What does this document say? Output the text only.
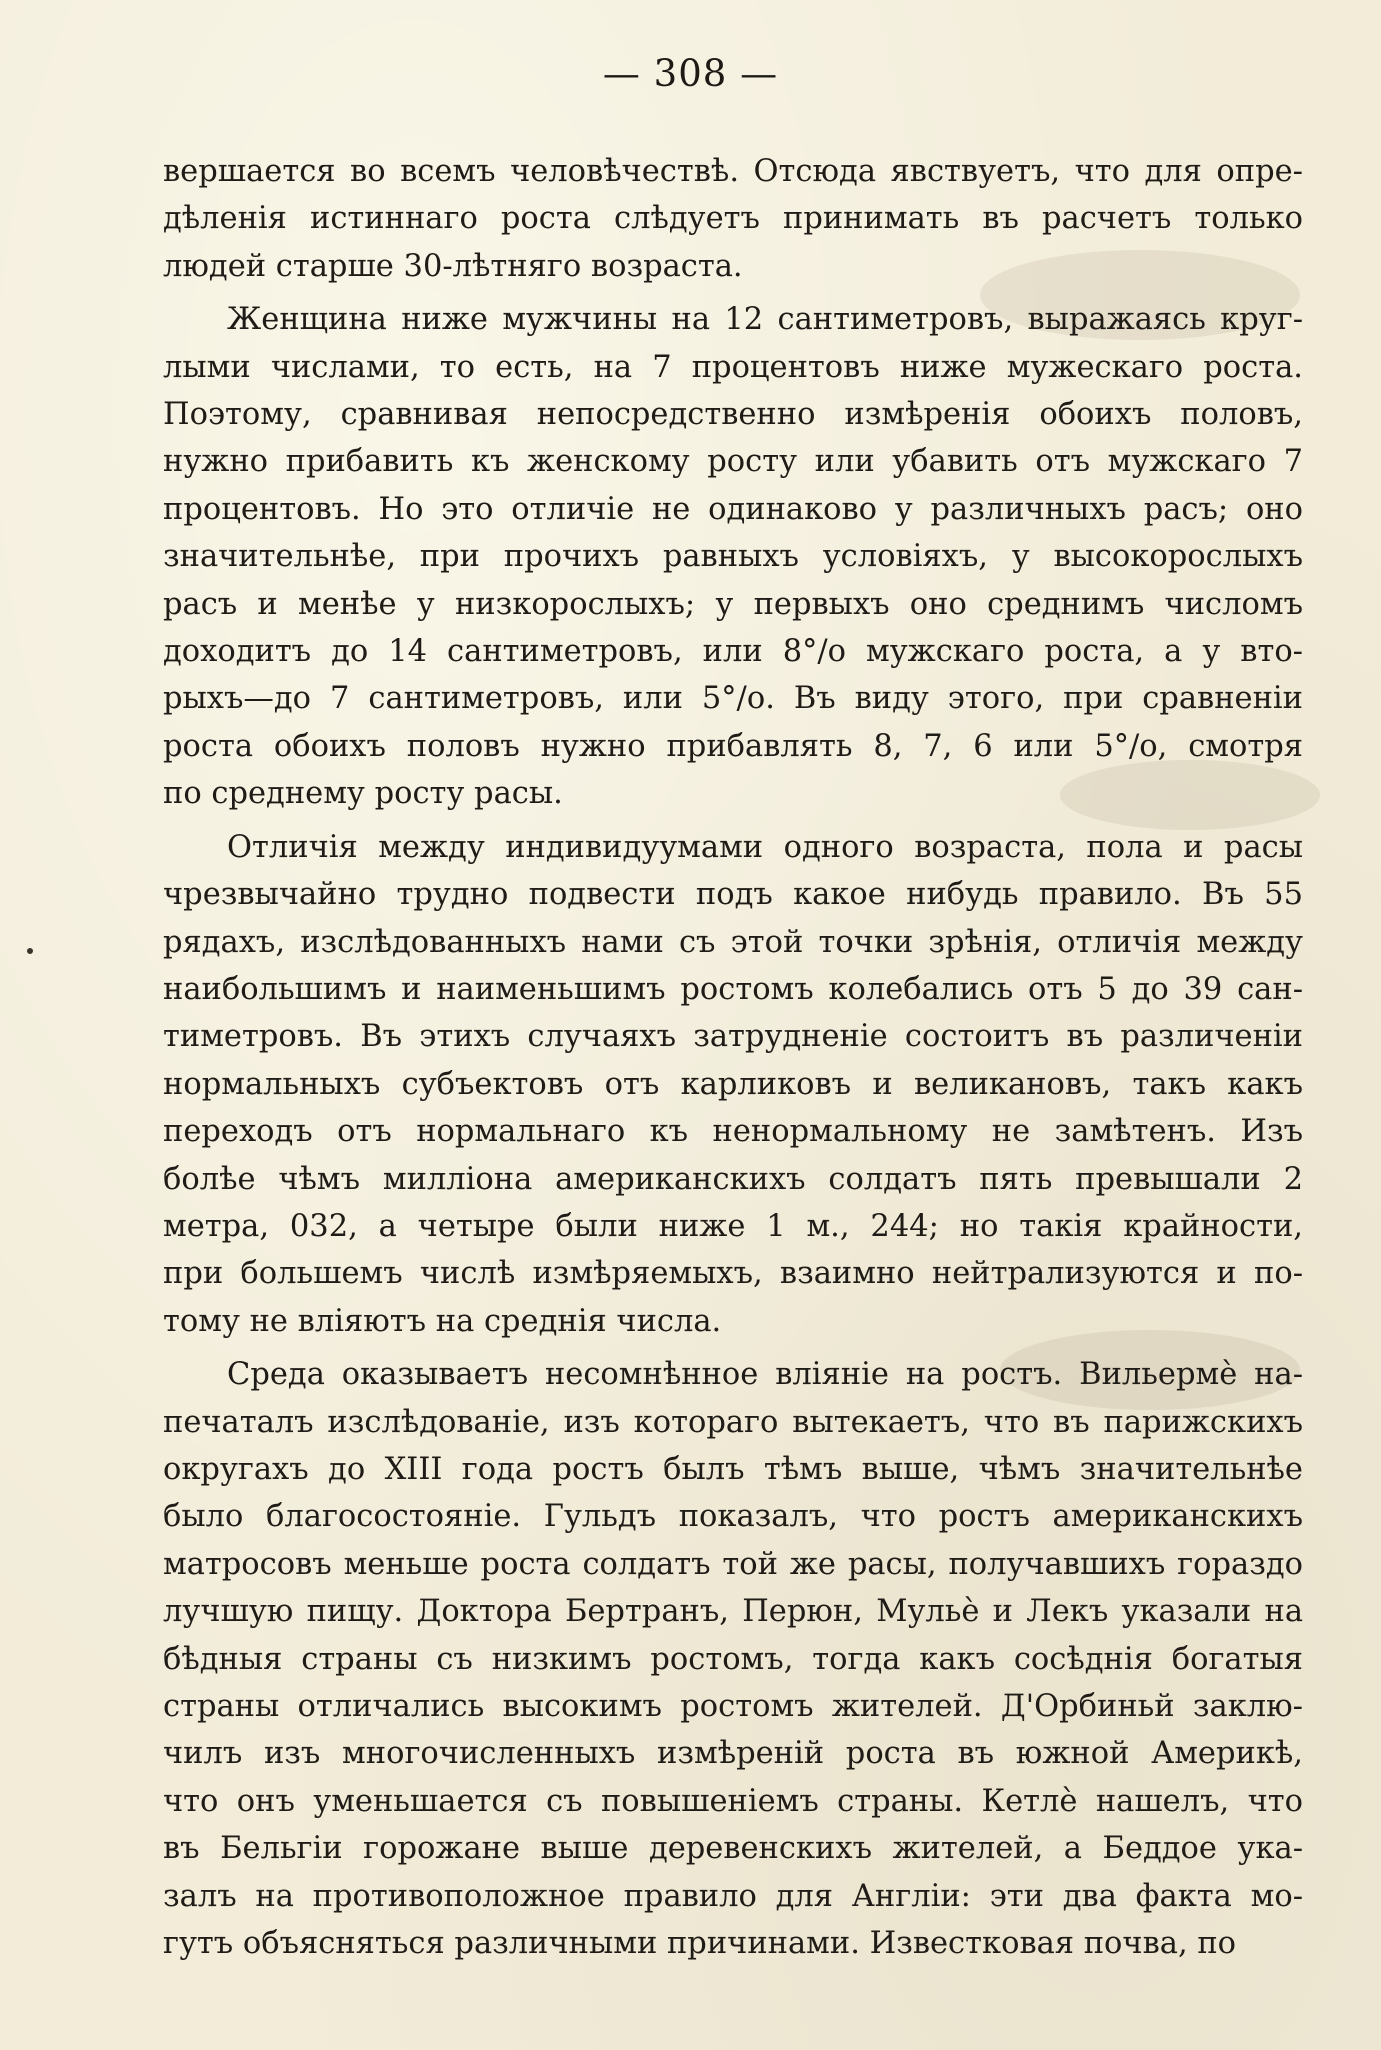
— 308 —
вершается во всемъ человѣчествѣ. Отсюда явствуетъ, что для опре-
дѣленія истиннаго роста слѣдуетъ принимать въ расчетъ только
людей старше 30-лѣтняго возраста.
Женщина ниже мужчины на 12 сантиметровъ, выражаясь круг-
лыми числами, то есть, на 7 процентовъ ниже мужескаго роста.
Поэтому, сравнивая непосредственно измѣренія обоихъ половъ,
нужно прибавить къ женскому росту или убавить отъ мужскаго 7
процентовъ. Но это отличіе не одинаково у различныхъ расъ; оно
значительнѣе, при прочихъ равныхъ условіяхъ, у высокорослыхъ
расъ и менѣе у низкорослыхъ; у первыхъ оно среднимъ числомъ
доходитъ до 14 сантиметровъ, или 8°/о мужскаго роста, а у вто-
рыхъ—до 7 сантиметровъ, или 5°/о. Въ виду этого, при сравненіи
роста обоихъ половъ нужно прибавлять 8, 7, 6 или 5°/о, смотря
по среднему росту расы.
Отличія между индивидуумами одного возраста, пола и расы
чрезвычайно трудно подвести подъ какое нибудь правило. Въ 55
рядахъ, изслѣдованныхъ нами съ этой точки зрѣнія, отличія между
наибольшимъ и наименьшимъ ростомъ колебались отъ 5 до 39 сан-
тиметровъ. Въ этихъ случаяхъ затрудненіе состоитъ въ различеніи
нормальныхъ субъектовъ отъ карликовъ и великановъ, такъ какъ
переходъ отъ нормальнаго къ ненормальному не замѣтенъ. Изъ
болѣе чѣмъ милліона американскихъ солдатъ пять превышали 2
метра, 032, а четыре были ниже 1 м., 244; но такія крайности,
при большемъ числѣ измѣряемыхъ, взаимно нейтрализуются и по-
тому не вліяютъ на среднія числа.
Среда оказываетъ несомнѣнное вліяніе на ростъ. Вильермè на-
печаталъ изслѣдованіе, изъ котораго вытекаетъ, что въ парижскихъ
округахъ до XIII года ростъ былъ тѣмъ выше, чѣмъ значительнѣе
было благосостояніе. Гульдъ показалъ, что ростъ американскихъ
матросовъ меньше роста солдатъ той же расы, получавшихъ гораздо
лучшую пищу. Доктора Бертранъ, Перюн, Мульè и Лекъ указали на
бѣдныя страны съ низкимъ ростомъ, тогда какъ сосѣднія богатыя
страны отличались высокимъ ростомъ жителей. Д'Орбиньй заклю-
чилъ изъ многочисленныхъ измѣреній роста въ южной Америкѣ,
что онъ уменьшается съ повышеніемъ страны. Кетлè нашелъ, что
въ Бельгіи горожане выше деревенскихъ жителей, а Беддое ука-
залъ на противоположное правило для Англіи: эти два факта мо-
гутъ объясняться различными причинами. Известковая почва, по
